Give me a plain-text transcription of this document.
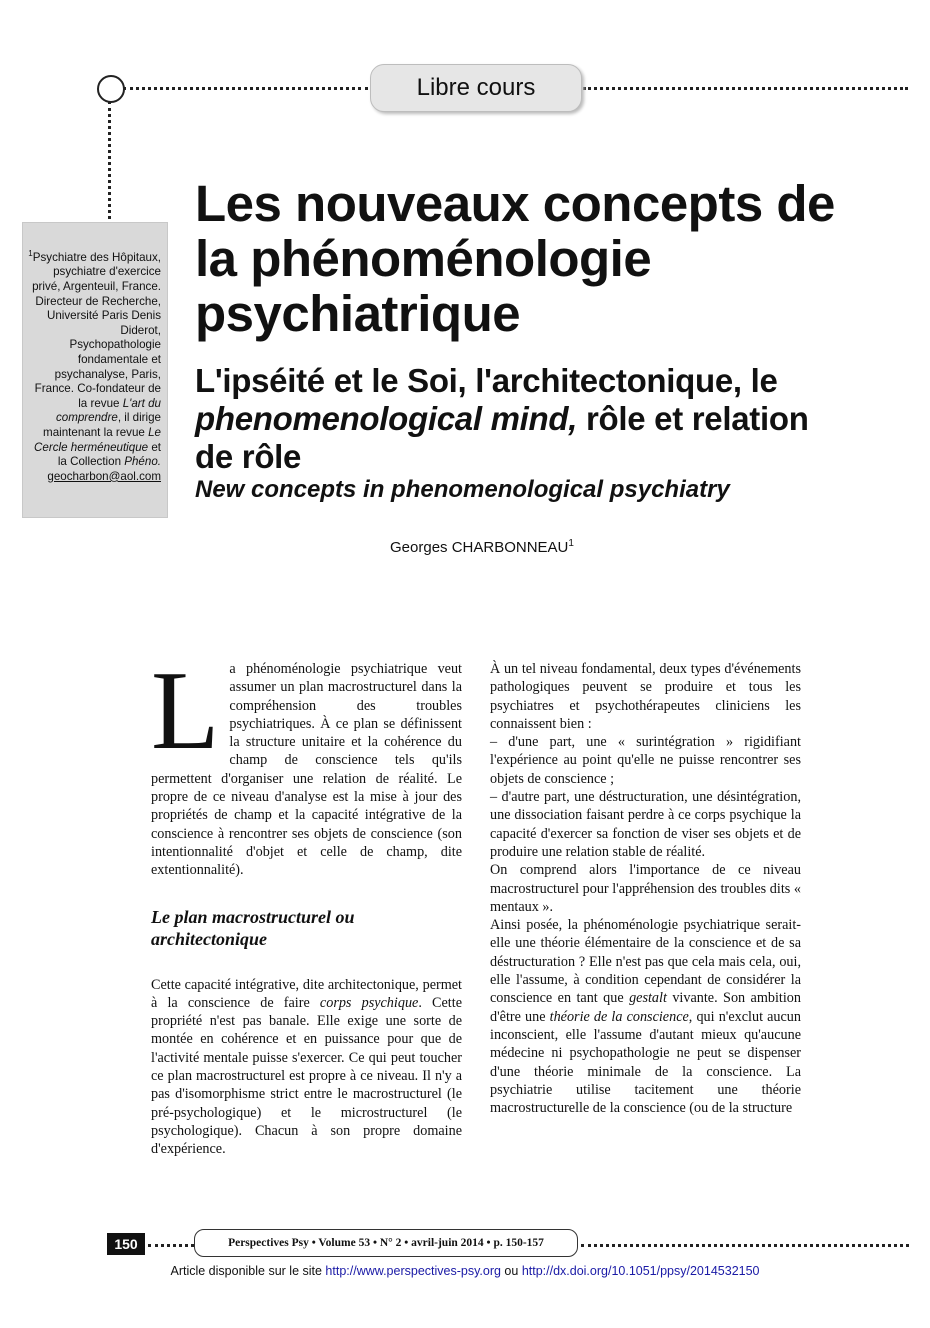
Libre cours
$^1$Psychiatre des Hôpitaux, psychiatre d'exercice privé, Argenteuil, France. Directeur de Recherche, Université Paris Denis Diderot, Psychopathologie fondamentale et psychanalyse, Paris, France. Co-fondateur de la revue L'art du comprendre, il dirige maintenant la revue Le Cercle herméneutique et la Collection Phéno.
geocharbon@aol.com
Les nouveaux concepts de la phénoménologie psychiatrique
L'ipséité et le Soi, l'architectonique, le phenomenological mind, rôle et relation de rôle
New concepts in phenomenological psychiatry
Georges CHARBONNEAU$^1$

La phénoménologie psychiatrique veut assumer un plan macrostructurel dans la compréhension des troubles psychiatriques. À ce plan se définissent la structure unitaire et la cohérence du champ de conscience tels qu'ils permettent d'organiser une relation de réalité. Le propre de ce niveau d'analyse est la mise à jour des propriétés de champ et la capacité intégrative de la conscience à rencontrer ses objets de conscience (son intentionnalité d'objet et celle de champ, dite extentionnalité).

Le plan macrostructurel ou architectonique

Cette capacité intégrative, dite architectonique, permet à la conscience de faire corps psychique. Cette propriété n'est pas banale. Elle exige une sorte de montée en cohérence et en puissance pour que de l'activité mentale puisse s'exercer. Ce qui peut toucher ce plan macrostructurel est propre à ce niveau. Il n'y a pas d'isomorphisme strict entre le macrostructurel (le pré-psychologique) et le microstructurel (le psychologique). Chacun à son propre domaine d'expérience.

À un tel niveau fondamental, deux types d'événements pathologiques peuvent se produire et tous les psychiatres et psychothérapeutes cliniciens les connaissent bien :

– d'une part, une « surintégration » rigidifiant l'expérience au point qu'elle ne puisse rencontrer ses objets de conscience ;

– d'autre part, une déstructuration, une désintégration, une dissociation faisant perdre à ce corps psychique la capacité d'exercer sa fonction de viser ses objets et de produire une relation stable de réalité.

On comprend alors l'importance de ce niveau macrostructurel pour l'appréhension des troubles dits « mentaux ».

Ainsi posée, la phénoménologie psychiatrique serait-elle une théorie élémentaire de la conscience et de sa déstructuration ? Elle n'est pas que cela mais cela, oui, elle l'assume, à condition cependant de considérer la conscience en tant que gestalt vivante. Son ambition d'être une théorie de la conscience, qui n'exclut aucun inconscient, elle l'assume d'autant mieux qu'aucune médecine ni psychopathologie ne peut se dispenser d'une théorie minimale de la conscience. La psychiatrie utilise tacitement une théorie macrostructurelle de la conscience (ou de la structure

150	Perspectives Psy • Volume 53 • N° 2 • avril-juin 2014 • p. 150-157
Article disponible sur le site http://www.perspectives-psy.org ou http://dx.doi.org/10.1051/ppsy/2014532150
